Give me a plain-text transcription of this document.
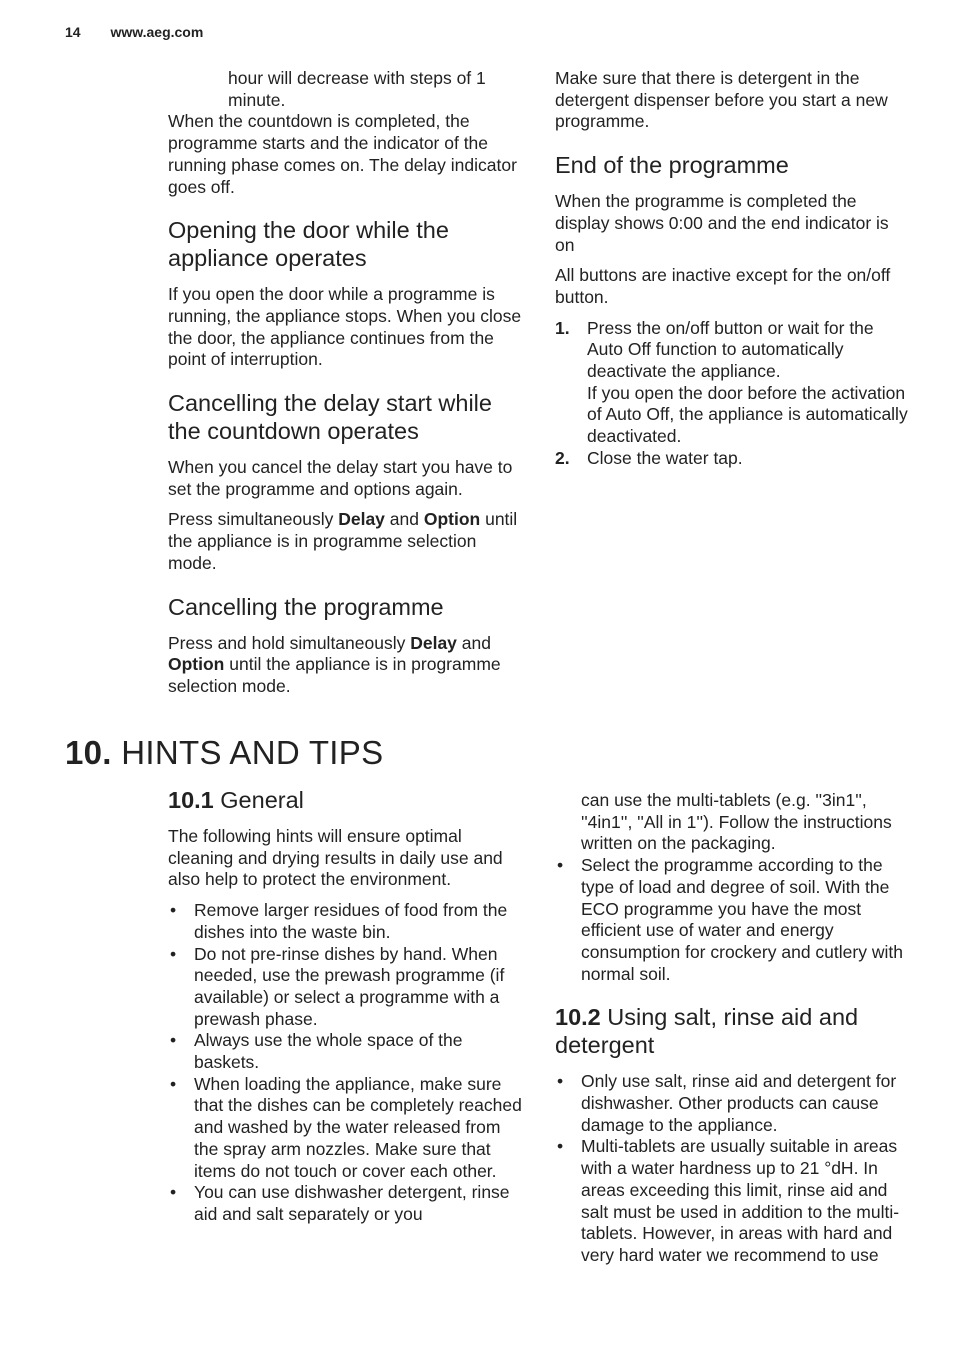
14 www.aeg.com

hour will decrease with steps of 1 minute.

When the countdown is completed, the programme starts and the indicator of the running phase comes on. The delay indicator goes off.

Opening the door while the appliance operates

If you open the door while a programme is running, the appliance stops. When you close the door, the appliance continues from the point of interruption.

Cancelling the delay start while the countdown operates

When you cancel the delay start you have to set the programme and options again.

Press simultaneously Delay and Option until the appliance is in programme selection mode.

Cancelling the programme

Press and hold simultaneously Delay and Option until the appliance is in programme selection mode.

Make sure that there is detergent in the detergent dispenser before you start a new programme.

End of the programme

When the programme is completed the display shows 0:00 and the end indicator is on

All buttons are inactive except for the on/off button.

1. Press the on/off button or wait for the Auto Off function to automatically deactivate the appliance.
If you open the door before the activation of Auto Off, the appliance is automatically deactivated.
2. Close the water tap.
10. HINTS AND TIPS
10.1 General

The following hints will ensure optimal cleaning and drying results in daily use and also help to protect the environment.

• Remove larger residues of food from the dishes into the waste bin.
• Do not pre-rinse dishes by hand. When needed, use the prewash programme (if available) or select a programme with a prewash phase.
• Always use the whole space of the baskets.
• When loading the appliance, make sure that the dishes can be completely reached and washed by the water released from the spray arm nozzles. Make sure that items do not touch or cover each other.
• You can use dishwasher detergent, rinse aid and salt separately or you

can use the multi-tablets (e.g. ''3in1'', ''4in1'', ''All in 1''). Follow the instructions written on the packaging.

• Select the programme according to the type of load and degree of soil. With the ECO programme you have the most efficient use of water and energy consumption for crockery and cutlery with normal soil.
10.2 Using salt, rinse aid and detergent
• Only use salt, rinse aid and detergent for dishwasher. Other products can cause damage to the appliance.
• Multi-tablets are usually suitable in areas with a water hardness up to 21 °dH. In areas exceeding this limit, rinse aid and salt must be used in addition to the multi-tablets. However, in areas with hard and very hard water we recommend to use
